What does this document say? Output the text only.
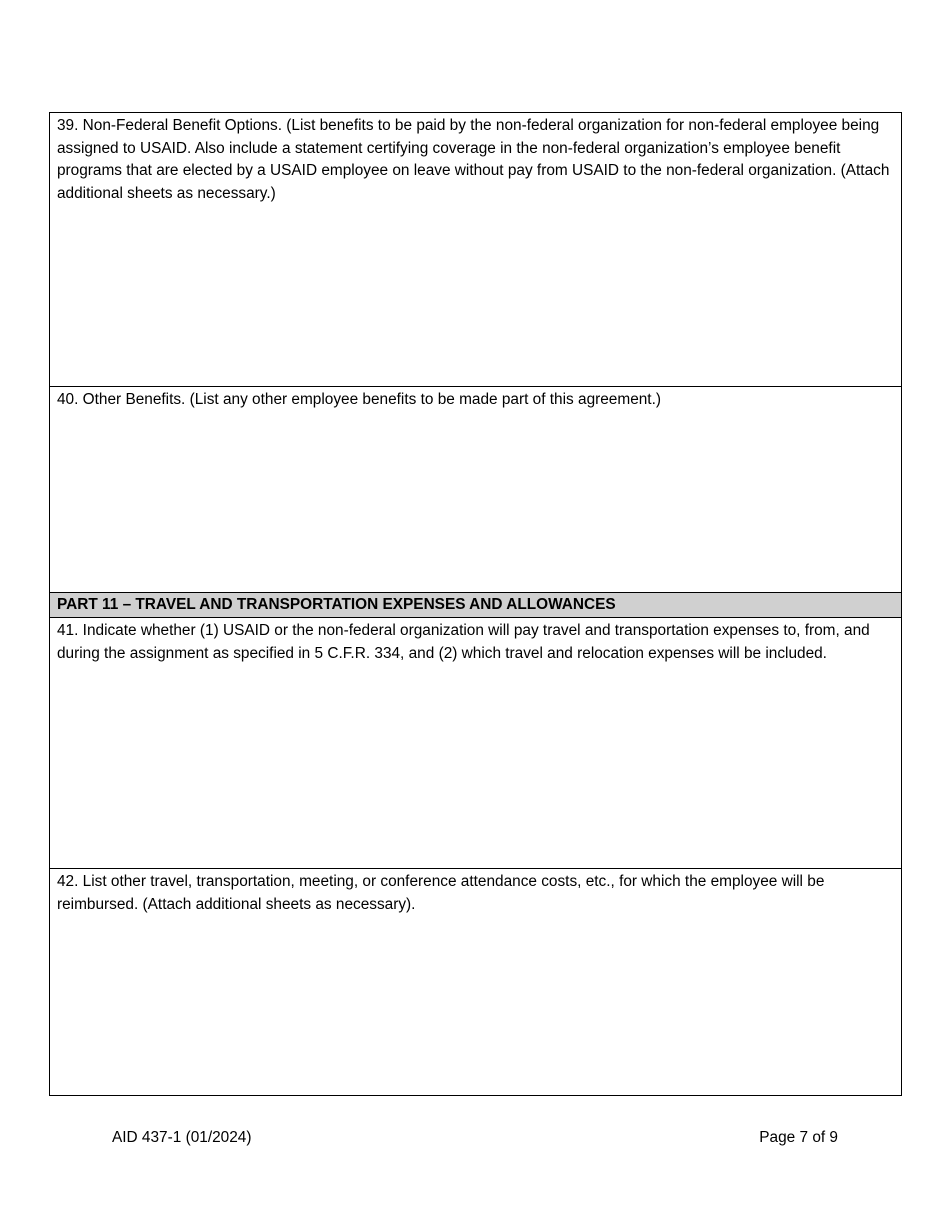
39. Non-Federal Benefit Options. (List benefits to be paid by the non-federal organization for non-federal employee being assigned to USAID. Also include a statement certifying coverage in the non-federal organization’s employee benefit programs that are elected by a USAID employee on leave without pay from USAID to the non-federal organization. (Attach additional sheets as necessary.)
40. Other Benefits. (List any other employee benefits to be made part of this agreement.)
PART 11 – TRAVEL AND TRANSPORTATION EXPENSES AND ALLOWANCES
41. Indicate whether (1) USAID or the non-federal organization will pay travel and transportation expenses to, from, and during the assignment as specified in 5 C.F.R. 334, and (2) which travel and relocation expenses will be included.
42. List other travel, transportation, meeting, or conference attendance costs, etc., for which the employee will be reimbursed. (Attach additional sheets as necessary).
AID 437-1 (01/2024)	Page 7 of 9
